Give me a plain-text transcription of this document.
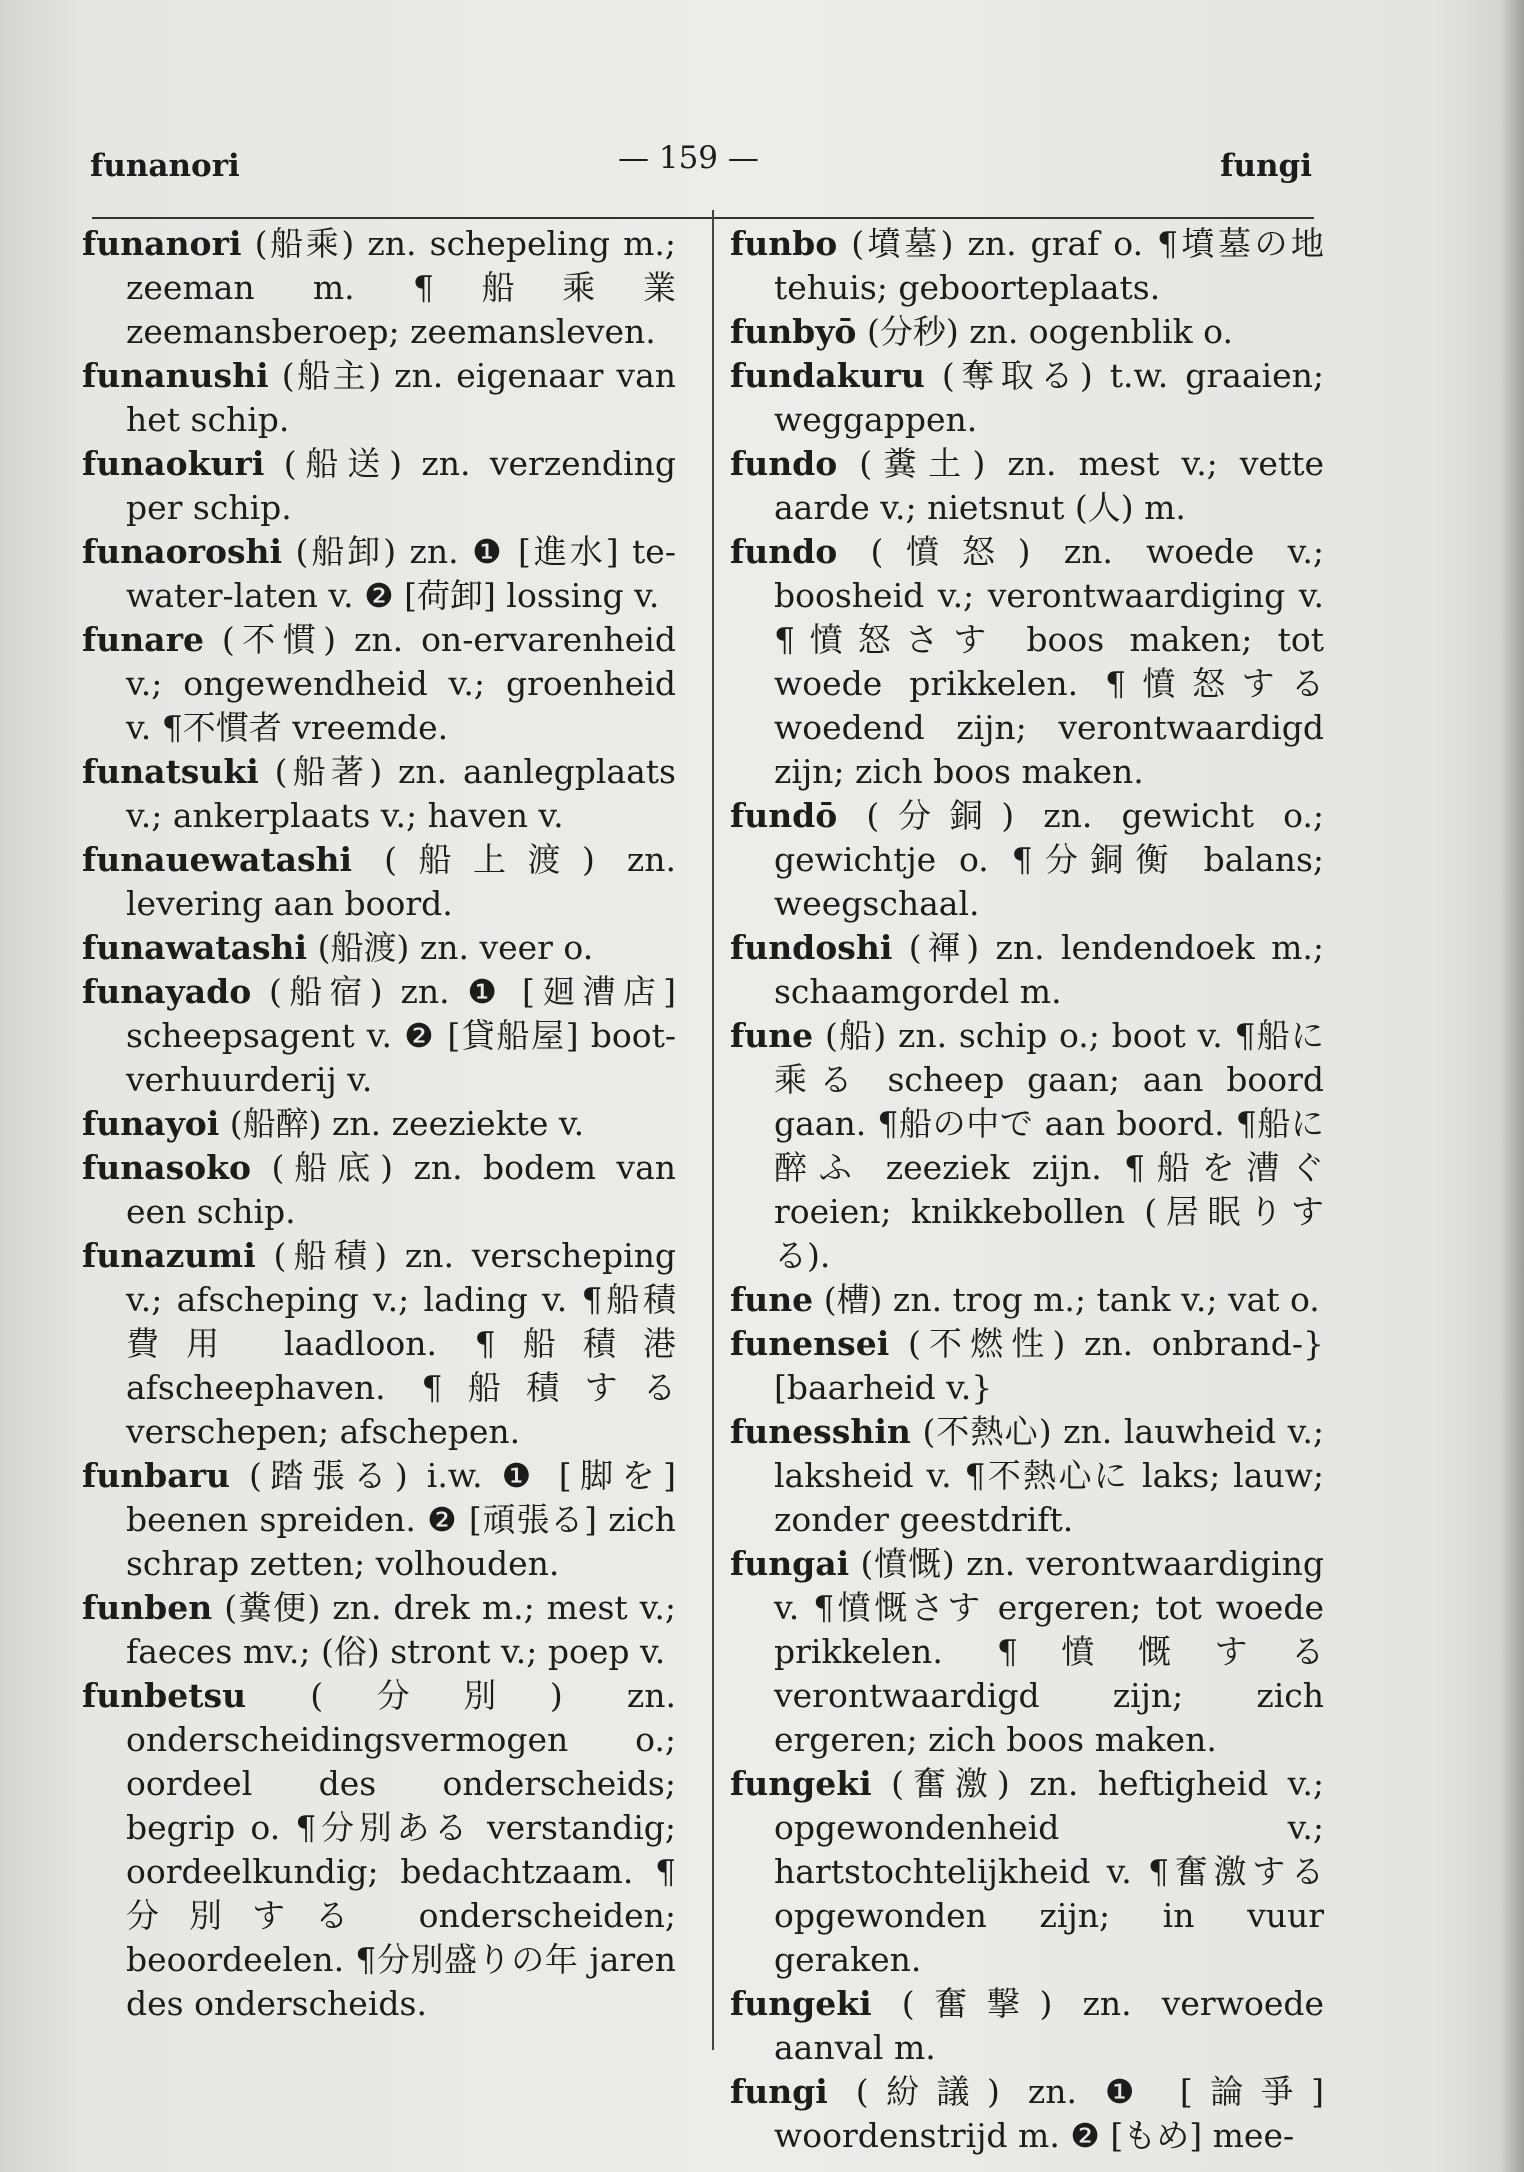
funanori	— 159 —	fungi

funanori (船乘) zn. schepeling m.; zeeman m. ¶船乘業 zeemansberoep; zeemansleven.

funanushi (船主) zn. eigenaar van het schip.

funaokuri (船送) zn. verzending per schip.

funaoroshi (船卸) zn. ❶ [進水] te-water-laten v. ❷ [荷卸] lossing v.

funare (不慣) zn. on-ervarenheid v.; ongewendheid v.; groenheid v. ¶不慣者 vreemde.

funatsuki (船著) zn. aanlegplaats v.; ankerplaats v.; haven v.

funauewatashi (船上渡) zn. levering aan boord.

funawatashi (船渡) zn. veer o.

funayado (船宿) zn. ❶ [廻漕店] scheepsagent v. ❷ [貸船屋] boot-verhuurderij v.

funayoi (船醉) zn. zeeziekte v.

funasoko (船底) zn. bodem van een schip.

funazumi (船積) zn. verscheping v.; afscheping v.; lading v. ¶船積費用 laadloon. ¶船積港 afscheephaven. ¶船積する verschepen; afschepen.

funbaru (踏張る) i.w. ❶ [脚を] beenen spreiden. ❷ [頑張る] zich schrap zetten; volhouden.

funben (糞便) zn. drek m.; mest v.; faeces mv.; (俗) stront v.; poep v.

funbetsu (分別) zn. onderscheidingsvermogen o.; oordeel des onderscheids; begrip o. ¶分別ある verstandig; oordeelkundig; bedachtzaam. ¶分別する onderscheiden; beoordeelen. ¶分別盛りの年 jaren des onderscheids.

funbo (墳墓) zn. graf o. ¶墳墓の地 tehuis; geboorteplaats.

funbyō (分秒) zn. oogenblik o.

fundakuru (奪取る) t.w. graaien; weggappen.

fundo (糞土) zn. mest v.; vette aarde v.; nietsnut (人) m.

fundo (憤怒) zn. woede v.; boosheid v.; verontwaardiging v. ¶憤怒さす boos maken; tot woede prikkelen. ¶憤怒する woedend zijn; verontwaardigd zijn; zich boos maken.

fundō (分銅) zn. gewicht o.; gewichtje o. ¶分銅衡 balans; weegschaal.

fundoshi (褌) zn. lendendoek m.; schaamgordel m.

fune (船) zn. schip o.; boot v. ¶船に乘る scheep gaan; aan boord gaan. ¶船の中で aan boord. ¶船に醉ふ zeeziek zijn. ¶船を漕ぐ roeien; knikkebollen (居眠りする).

fune (槽) zn. trog m.; tank v.; vat o.

funensei (不燃性) zn. onbrand-} [baarheid v.}

funesshin (不熱心) zn. lauwheid v.; laksheid v. ¶不熱心に laks; lauw; zonder geestdrift.

fungai (憤慨) zn. verontwaardiging v. ¶憤慨さす ergeren; tot woede prikkelen. ¶憤慨する verontwaardigd zijn; zich ergeren; zich boos maken.

fungeki (奮激) zn. heftigheid v.; opgewondenheid v.; hartstochtelijkheid v. ¶奮激する opgewonden zijn; in vuur geraken.

fungeki (奮撃) zn. verwoede aanval m.

fungi (紛議) zn. ❶ [論爭] woordenstrijd m. ❷ [もめ] mee-
